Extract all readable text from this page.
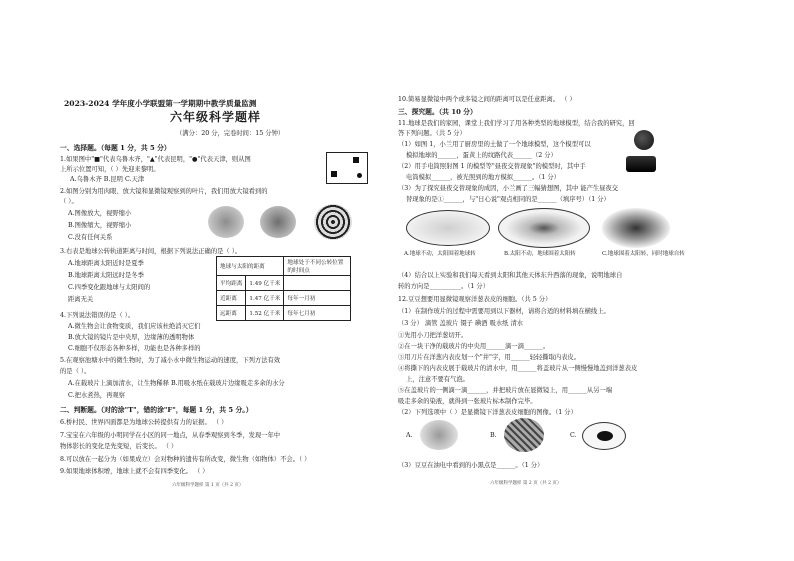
2023-2024 学年度小学联盟第一学期期中教学质量监测
六年级科学题样
（满分：20 分，完卷时间：15 分钟）
一、选择题。（每题 1 分，共 5 分）
1.如果图中"■"代表乌鲁木齐，"▲"代表昆明，"●"代表天津，则从图
上所示位置可知，（ ）先迎来黎明。
A.乌鲁木齐 B.昆明 C.天津
2.如图分别为用肉眼、放大镜和显微镜观察到的叶片，我们用放大镜看到的
（ ）。
A.图像放大，视野缩小
B.图像缩大，视野缩小
C.没有任何关系
3.右表是地球公转轨道距离与时间，根据下列说法正确的是（ ）。
A.地球距离太阳近时是夏季
B.地球距离太阳远时是冬季
C.四季变化跟地球与太阳间的
距离无关
地球与太阳的距离		地球处于不同公转位置的时间点
平均距离	1.49 亿千米	
近距离	1.47 亿千米	每年一月初
远距离	1.52 亿千米	每年七月初
4.下列说法错误的是（ ）。
A.微生物会让食物变质，我们应该杜绝消灭它们
B.放大镜的镜片是中央厚，边缘薄的透明物体
C.细胞不仅形态各种多样，功能也是各种多样的
5.在观察池塘水中的微生物时，为了减小水中微生物运动的速度，下列方法有效
的是（ ）。
A.在载玻片上滴加清水，让生物稀释 B.用吸水纸在载玻片边缘吸走多余的水分
C.把水煮热，再观察
二、判断题。（对的涂"T"，错的涂"F"，每题 1 分，共 5 分。）
6.桥村民、世界四面都是为地球公转提供有力的证据。 （ ）
7.宝宝在六年级的小明同学在小区的同一地点，从春季观察到冬季，发现一年中
物体影长的变化是先变短，后变长。 （ ）
8.可以放在一起分为（如果成立）会对物种的遗传有所改变，微生物（如物体）不会。（ ）
9.如果地球体积增，地球上就不会有四季变化。 （ ）
六年级科学题样 第 1 页（共 2 页）
10.简易显微镜中两个或多镜之间的距离可以是任意距离。 （ ）
三、探究题。（共 10 分）
11.地球是我们的家园，课堂上我们学习了用各种类型的地球模型，结合我的研究，回
答下列问题。（共 5 分）
（1）如图 1，小兰用了厨房里的土做了一个地球模型，这个模型可以
模拟地球的______，蛋黄上的纹路代表______（2 分）
（2）用手电筒照射图 1 的模型等"昼夜交替现象"的模型时，其中手
电筒模拟______，被光照到的地方模拟______。（1 分）
（3）为了探究昼夜交替现象的成因，小兰画了三幅猜想图，其中 能产生昼夜交
替现象的是①______，与"日心说"观点相同的是______（填序号）（1 分）
A.地球不动，太阳围着地球转	B.太阳不动，地球围着太阳转	C.地球围着太阳转，同时地球自转
（4）结合以上实验和我们每天看到太阳和其他天体东升西落的现象，说明地球自
转的方向是__________。（1 分）
12.豆豆想要用显微镜观察洋葱表皮的细胞。（共 5 分）
（1）在制作玻片的过程中需要用到以下器材，请将合适的材料填在横线上。
（3 分） 滴管 盖玻片 镊子 碘酒 吸水纸 清水
①先用小刀把洋葱切开。
②在一块干净的载玻片的中央用______滴一滴______。
③用刀片在洋葱内表皮划一个"井"字，用______轻轻撕取内表皮。
④将撕下的内表皮展于载玻片的清水中，用______将盖玻片从一侧慢慢地盖到洋葱表皮
上，注意不要有气泡。
⑤在盖玻片的一侧滴一滴______，并把玻片放在显微镜上，用______从另一端
吸走多余的染液，就得到一张玻片标本制作完毕。
（2）下列选项中（ ）是显微镜下洋葱表皮细胞的图像。（1 分）
A.	B.	C.
（3）豆豆在油电中看到的小黑点是______。（1 分）
六年级科学题样 第 2 页（共 2 页）
